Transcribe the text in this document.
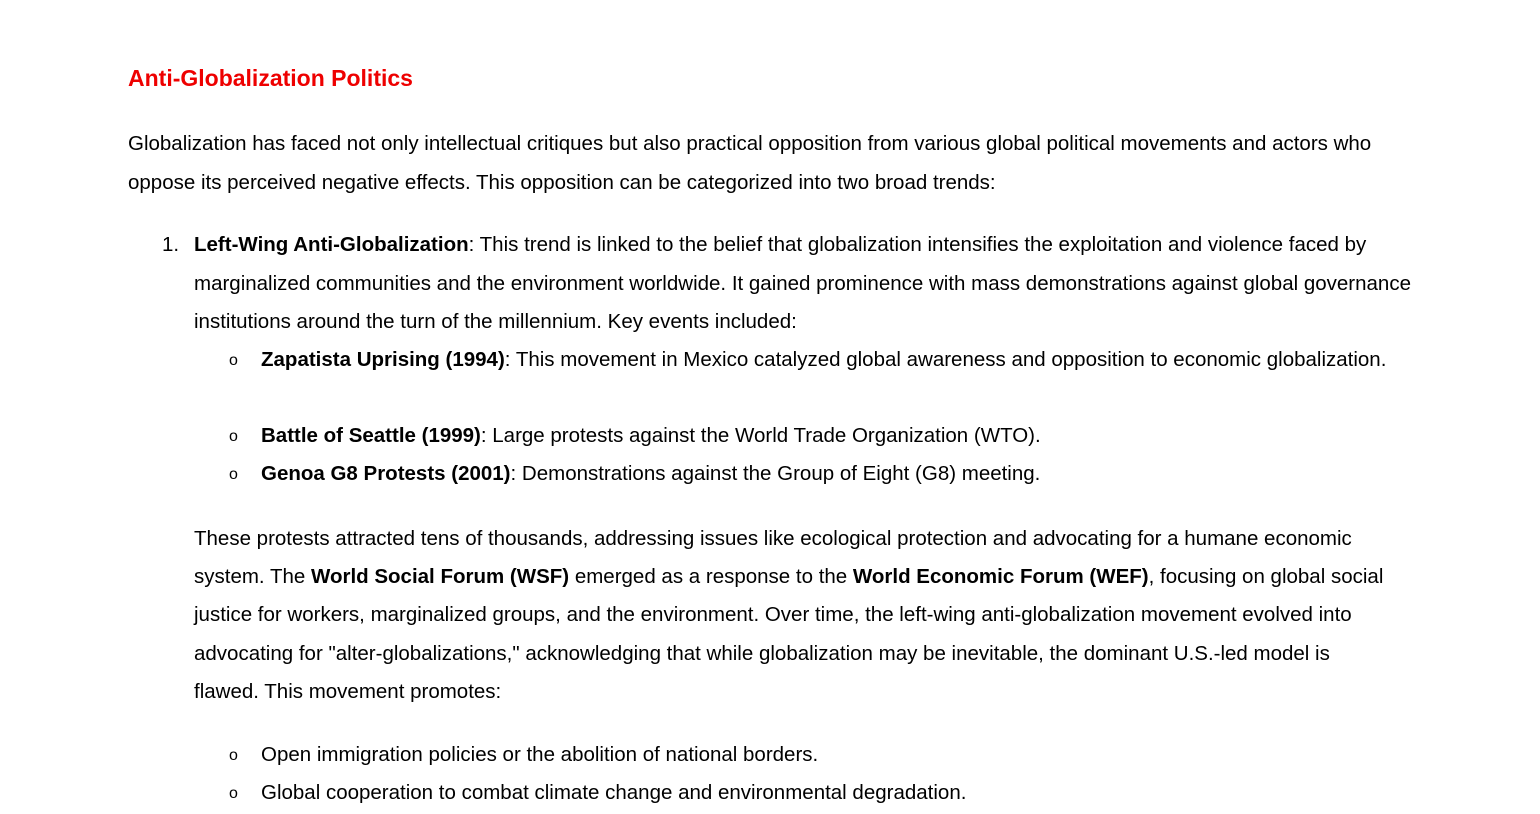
Anti-Globalization Politics

Globalization has faced not only intellectual critiques but also practical opposition from various global political movements and actors who oppose its perceived negative effects. This opposition can be categorized into two broad trends:

1. Left-Wing Anti-Globalization: This trend is linked to the belief that globalization intensifies the exploitation and violence faced by marginalized communities and the environment worldwide. It gained prominence with mass demonstrations against global governance institutions around the turn of the millennium. Key events included:

o Zapatista Uprising (1994): This movement in Mexico catalyzed global awareness and opposition to economic globalization.

o Battle of Seattle (1999): Large protests against the World Trade Organization (WTO).

o Genoa G8 Protests (2001): Demonstrations against the Group of Eight (G8) meeting.

These protests attracted tens of thousands, addressing issues like ecological protection and advocating for a humane economic system. The World Social Forum (WSF) emerged as a response to the World Economic Forum (WEF), focusing on global social justice for workers, marginalized groups, and the environment. Over time, the left-wing anti-globalization movement evolved into advocating for "alter-globalizations," acknowledging that while globalization may be inevitable, the dominant U.S.-led model is flawed. This movement promotes:

o Open immigration policies or the abolition of national borders.

o Global cooperation to combat climate change and environmental degradation.
